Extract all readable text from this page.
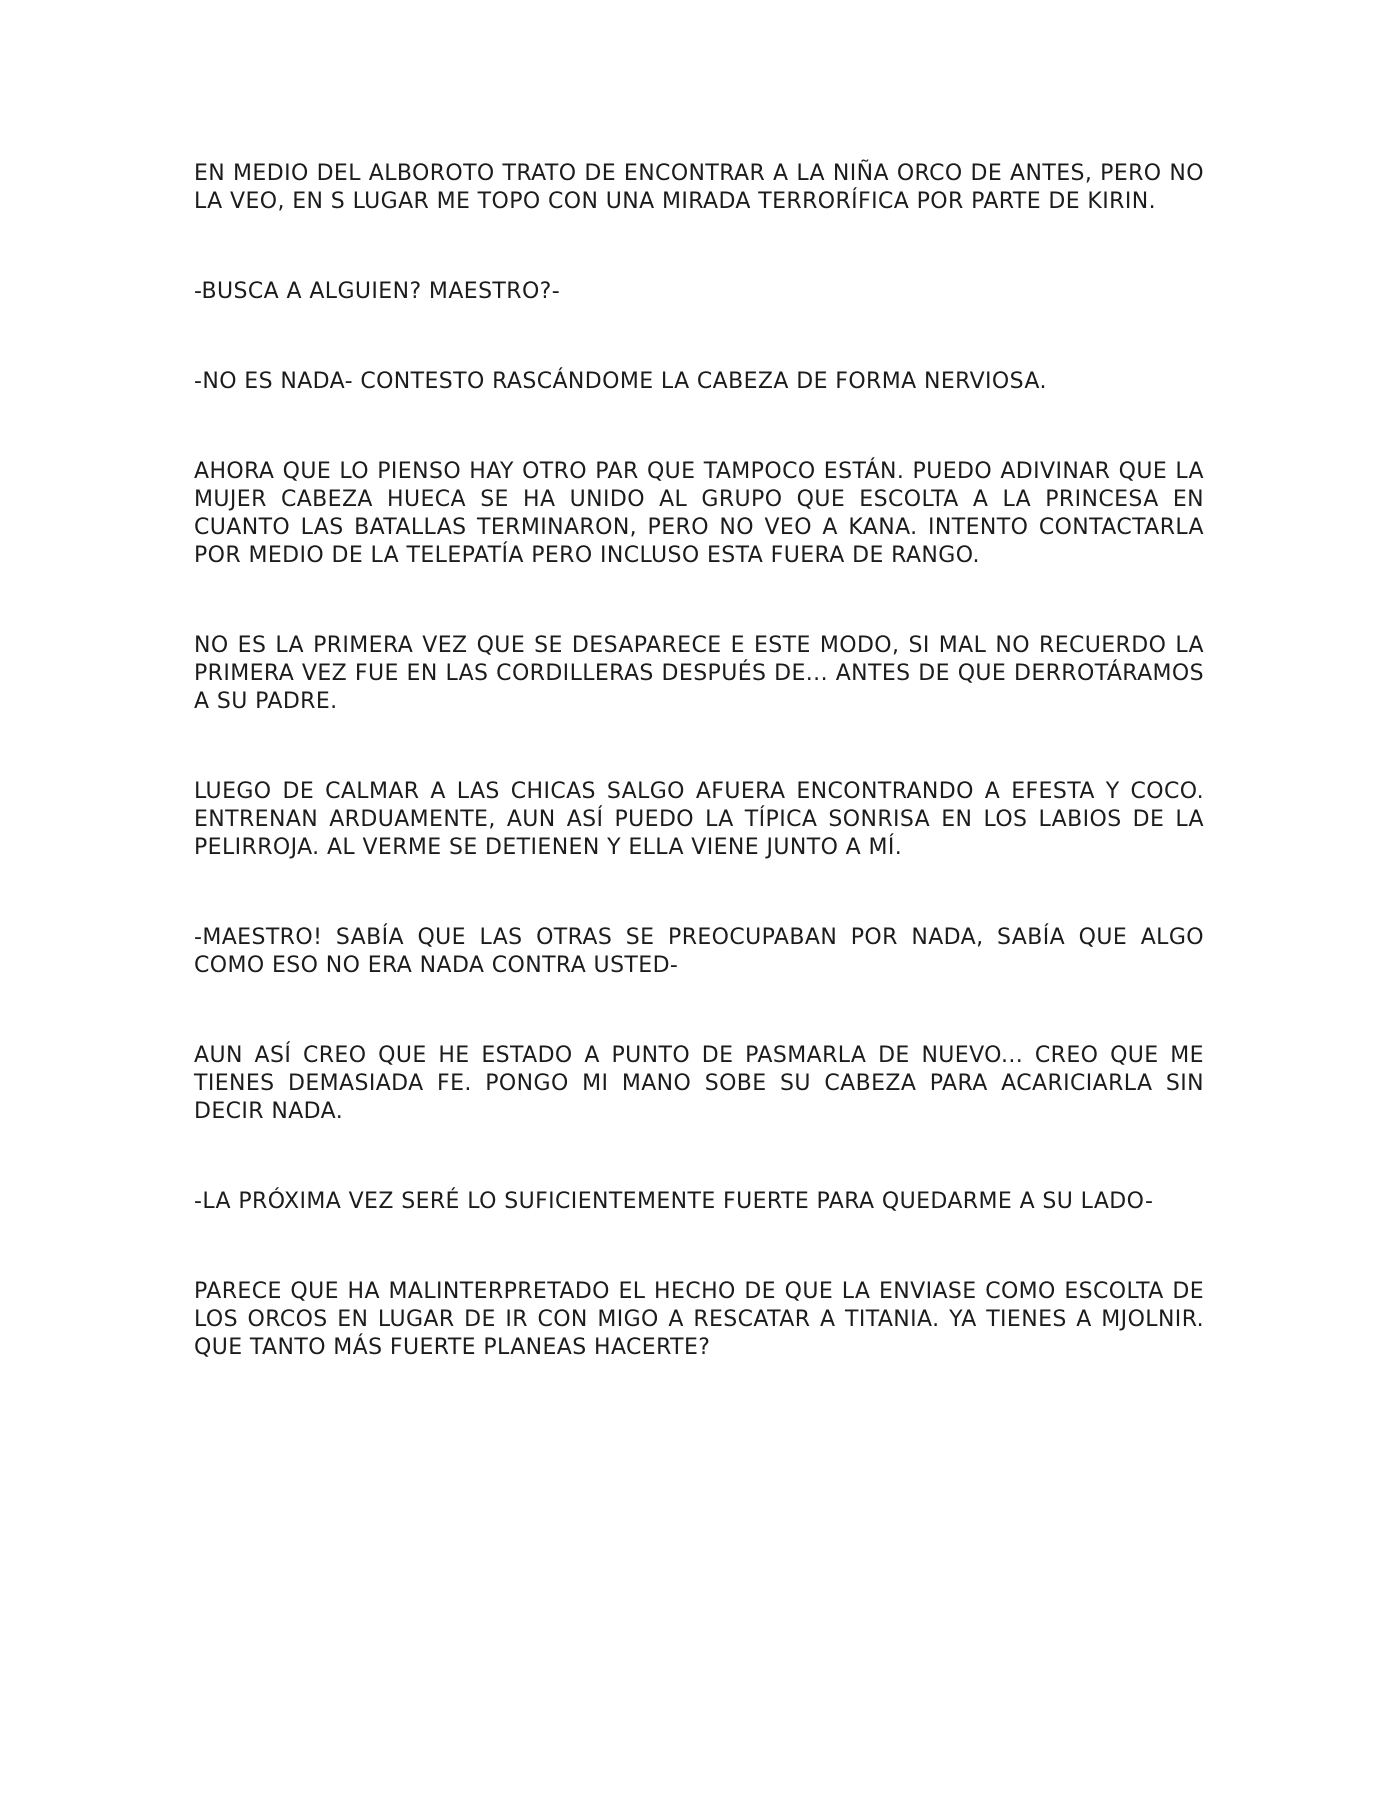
EN MEDIO DEL ALBOROTO TRATO DE ENCONTRAR A LA NIÑA ORCO DE ANTES, PERO NO LA VEO, EN S LUGAR ME TOPO CON UNA MIRADA TERRORÍFICA POR PARTE DE KIRIN.

-BUSCA A ALGUIEN? MAESTRO?-

-NO ES NADA- CONTESTO RASCÁNDOME LA CABEZA DE FORMA NERVIOSA.

AHORA QUE LO PIENSO HAY OTRO PAR QUE TAMPOCO ESTÁN. PUEDO ADIVINAR QUE LA MUJER CABEZA HUECA SE HA UNIDO AL GRUPO QUE ESCOLTA A LA PRINCESA EN CUANTO LAS BATALLAS TERMINARON, PERO NO VEO A KANA. INTENTO CONTACTARLA POR MEDIO DE LA TELEPATÍA PERO INCLUSO ESTA FUERA DE RANGO.

NO ES LA PRIMERA VEZ QUE SE DESAPARECE E ESTE MODO, SI MAL NO RECUERDO LA PRIMERA VEZ FUE EN LAS CORDILLERAS DESPUÉS DE... ANTES DE QUE DERROTÁRAMOS A SU PADRE.

LUEGO DE CALMAR A LAS CHICAS SALGO AFUERA ENCONTRANDO A EFESTA Y COCO. ENTRENAN ARDUAMENTE, AUN ASÍ PUEDO LA TÍPICA SONRISA EN LOS LABIOS DE LA PELIRROJA. AL VERME SE DETIENEN Y ELLA VIENE JUNTO A MÍ.

-MAESTRO! SABÍA QUE LAS OTRAS SE PREOCUPABAN POR NADA, SABÍA QUE ALGO COMO ESO NO ERA NADA CONTRA USTED-

AUN ASÍ CREO QUE HE ESTADO A PUNTO DE PASMARLA DE NUEVO... CREO QUE ME TIENES DEMASIADA FE. PONGO MI MANO SOBE SU CABEZA PARA ACARICIARLA SIN DECIR NADA.

-LA PRÓXIMA VEZ SERÉ LO SUFICIENTEMENTE FUERTE PARA QUEDARME A SU LADO-

PARECE QUE HA MALINTERPRETADO EL HECHO DE QUE LA ENVIASE COMO ESCOLTA DE LOS ORCOS EN LUGAR DE IR CON MIGO A RESCATAR A TITANIA. YA TIENES A MJOLNIR. QUE TANTO MÁS FUERTE PLANEAS HACERTE?
